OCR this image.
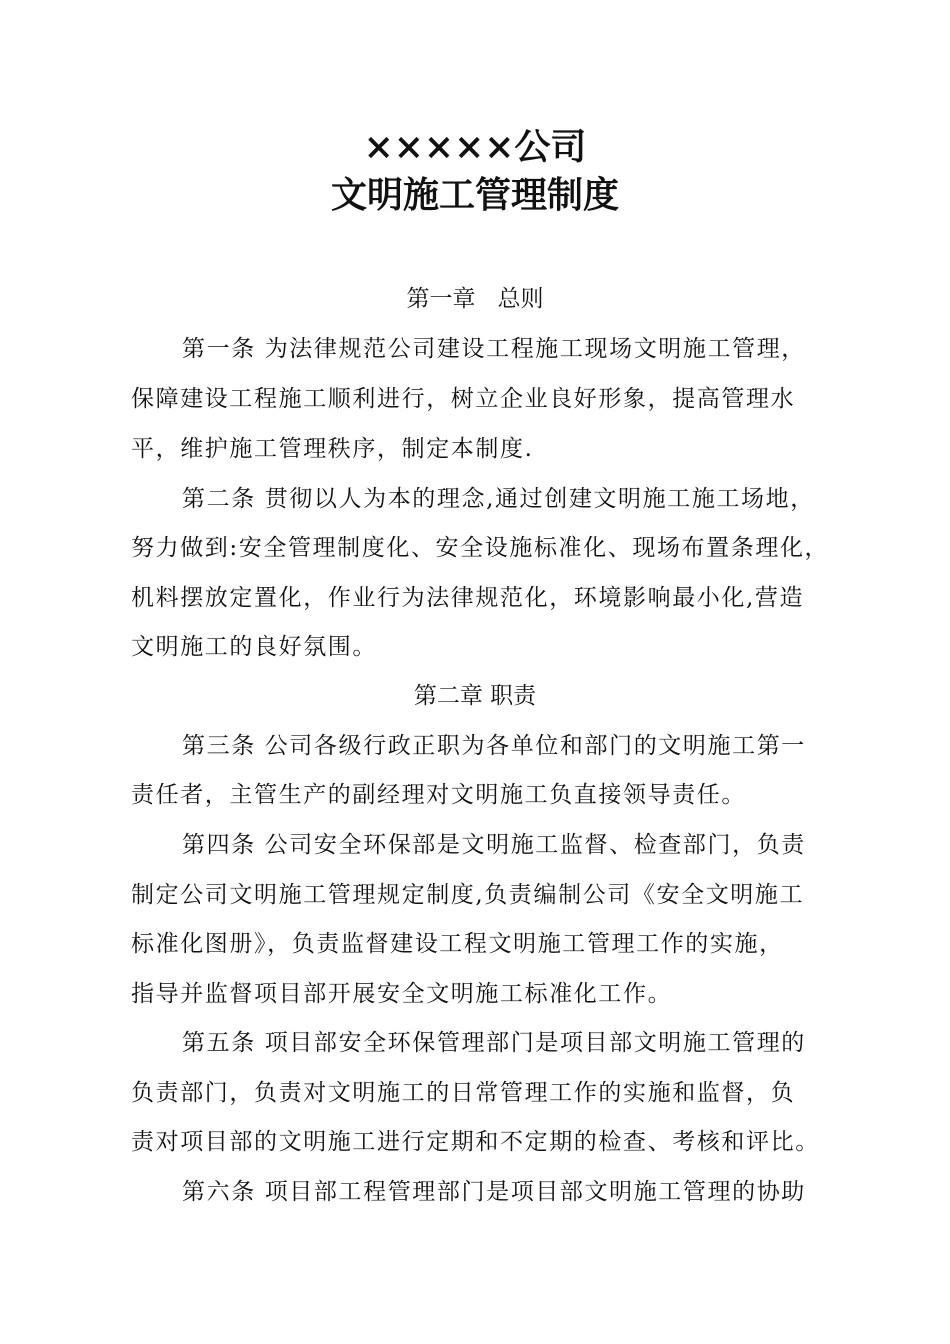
×××××公司
文明施工管理制度
第一章   总则
第一条 为法律规范公司建设工程施工现场文明施工管理，
保障建设工程施工顺利进行，树立企业良好形象，提高管理水
平，维护施工管理秩序，制定本制度.
第二条 贯彻以人为本的理念,通过创建文明施工施工场地，
努力做到:安全管理制度化、安全设施标准化、现场布置条理化，
机料摆放定置化，作业行为法律规范化，环境影响最小化,营造
文明施工的良好氛围。
第二章 职责
第三条 公司各级行政正职为各单位和部门的文明施工第一
责任者，主管生产的副经理对文明施工负直接领导责任。
第四条 公司安全环保部是文明施工监督、检查部门，负责
制定公司文明施工管理规定制度,负责编制公司《安全文明施工
标准化图册》，负责监督建设工程文明施工管理工作的实施，
指导并监督项目部开展安全文明施工标准化工作。
第五条 项目部安全环保管理部门是项目部文明施工管理的
负责部门，负责对文明施工的日常管理工作的实施和监督，负
责对项目部的文明施工进行定期和不定期的检查、考核和评比。
第六条 项目部工程管理部门是项目部文明施工管理的协助
